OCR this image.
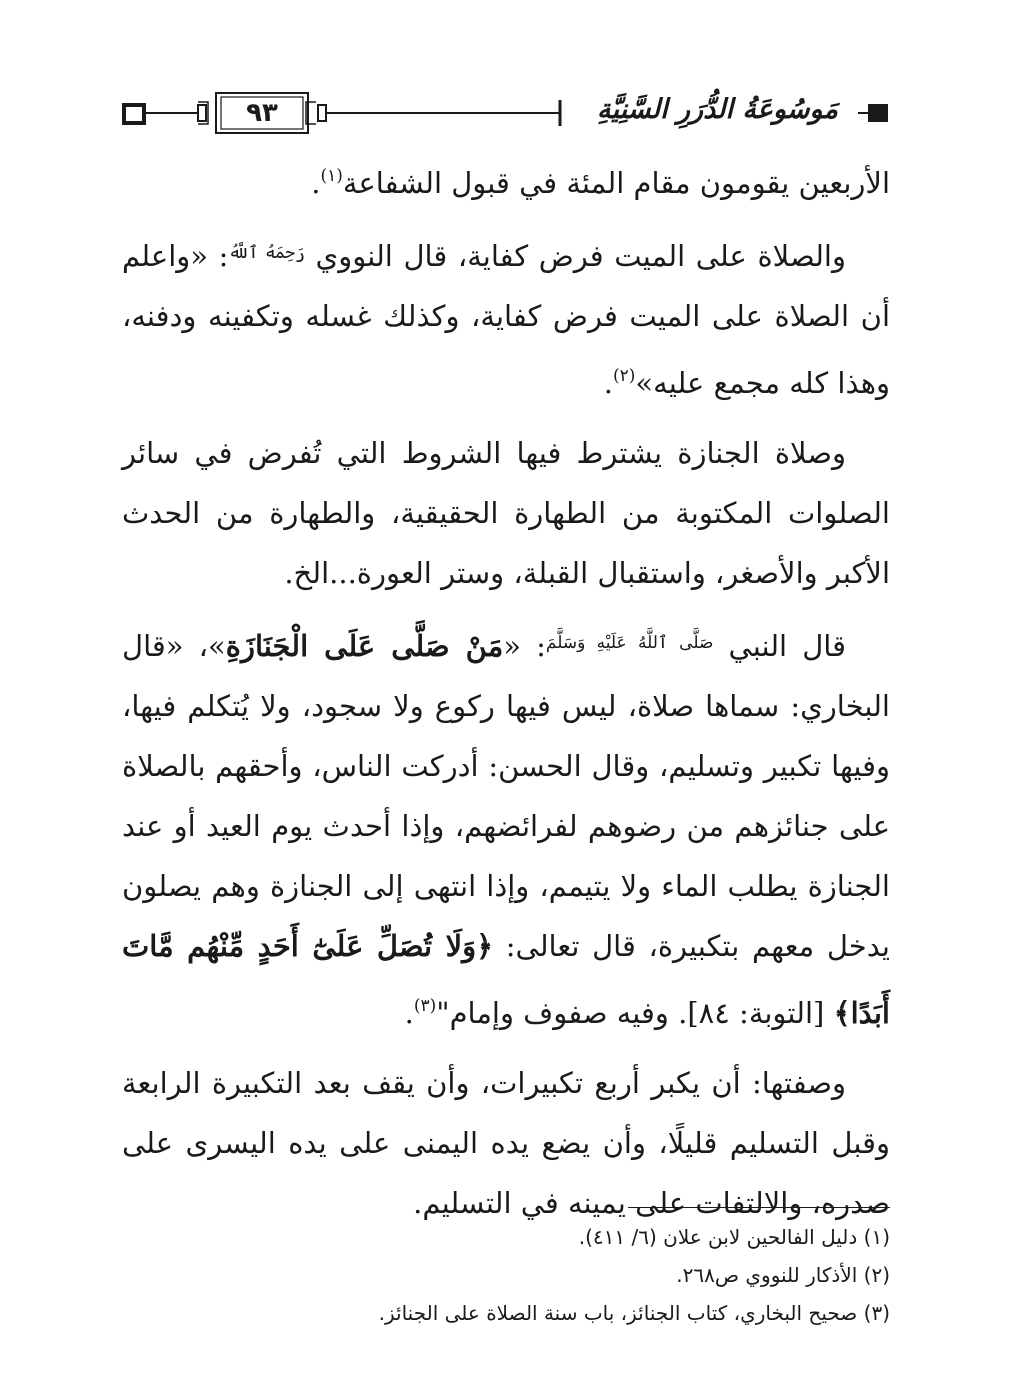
٩٣	مَوسُوعَةُ الدُّرَرِ السَّنِيَّةِ

الأربعين يقومون مقام المئة في قبول الشفاعة$^{(١)}$.

والصلاة على الميت فرض كفاية، قال النووي $^{رَحِمَهُ ٱللَّهُ}$: «واعلم أن الصلاة على الميت فرض كفاية، وكذلك غسله وتكفينه ودفنه، وهذا كله مجمع عليه»$^{(٢)}$.

وصلاة الجنازة يشترط فيها الشروط التي تُفرض في سائر الصلوات المكتوبة من الطهارة الحقيقية، والطهارة من الحدث الأكبر والأصغر، واستقبال القبلة، وستر العورة...الخ.

قال النبي $^{صَلَّى ٱللَّهُ عَلَيْهِ وَسَلَّمَ}$: «مَنْ صَلَّى عَلَى الْجَنَازَةِ»، «قال البخاري: سماها صلاة، ليس فيها ركوع ولا سجود، ولا يُتكلم فيها، وفيها تكبير وتسليم، وقال الحسن: أدركت الناس، وأحقهم بالصلاة على جنائزهم من رضوهم لفرائضهم، وإذا أحدث يوم العيد أو عند الجنازة يطلب الماء ولا يتيمم، وإذا انتهى إلى الجنازة وهم يصلون يدخل معهم بتكبيرة، قال تعالى: ﴿وَلَا تُصَلِّ عَلَىٰٓ أَحَدٍ مِّنْهُم مَّاتَ أَبَدًا﴾ [التوبة: ٨٤]. وفيه صفوف وإمام"$^{(٣)}$.

وصفتها: أن يكبر أربع تكبيرات، وأن يقف بعد التكبيرة الرابعة وقبل التسليم قليلًا، وأن يضع يده اليمنى على يده اليسرى على صدره، والالتفات على يمينه في التسليم.

(١) دليل الفالحين لابن علان (٦/ ٤١١).
(٢) الأذكار للنووي ص٢٦٨.
(٣) صحيح البخاري، كتاب الجنائز، باب سنة الصلاة على الجنائز.
